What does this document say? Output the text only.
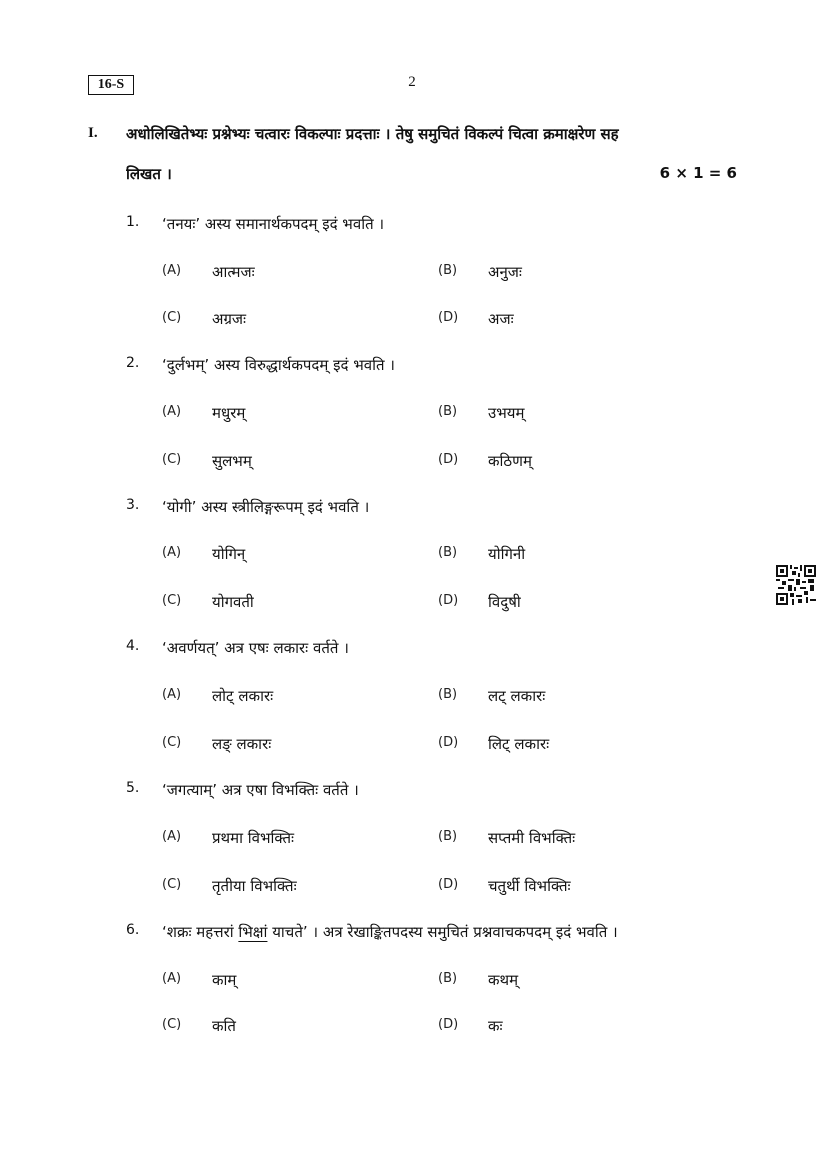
16-S	2
I. अधोलिखितेभ्यः प्रश्नेभ्यः चत्वारः विकल्पाः प्रदत्ताः । तेषु समुचितं विकल्पं चित्वा क्रमाक्षरेण सह
लिखत ।	6 × 1 = 6
1. ‘तनयः’ अस्य समानार्थकपदम् इदं भवति ।
(A)	आत्मजः	(B)	अनुजः
(C)	अग्रजः	(D)	अजः
2. ‘दुर्लभम्’ अस्य विरुद्धार्थकपदम् इदं भवति ।
(A)	मधुरम्	(B)	उभयम्
(C)	सुलभम्	(D)	कठिणम्
3. ‘योगी’ अस्य स्त्रीलिङ्गरूपम् इदं भवति ।
(A)	योगिन्	(B)	योगिनी
(C)	योगवती	(D)	विदुषी
4. ‘अवर्णयत्’ अत्र एषः लकारः वर्तते ।
(A)	लोट् लकारः	(B)	लट् लकारः
(C)	लङ् लकारः	(D)	लिट् लकारः
5. ‘जगत्याम्’ अत्र एषा विभक्तिः वर्तते ।
(A)	प्रथमा विभक्तिः	(B)	सप्तमी विभक्तिः
(C)	तृतीया विभक्तिः	(D)	चतुर्थी विभक्तिः
6. ‘शक्रः महत्तरां भिक्षां याचते’ । अत्र रेखाङ्कितपदस्य समुचितं प्रश्नवाचकपदम् इदं भवति ।
(A)	काम्	(B)	कथम्
(C)	कति	(D)	कः
